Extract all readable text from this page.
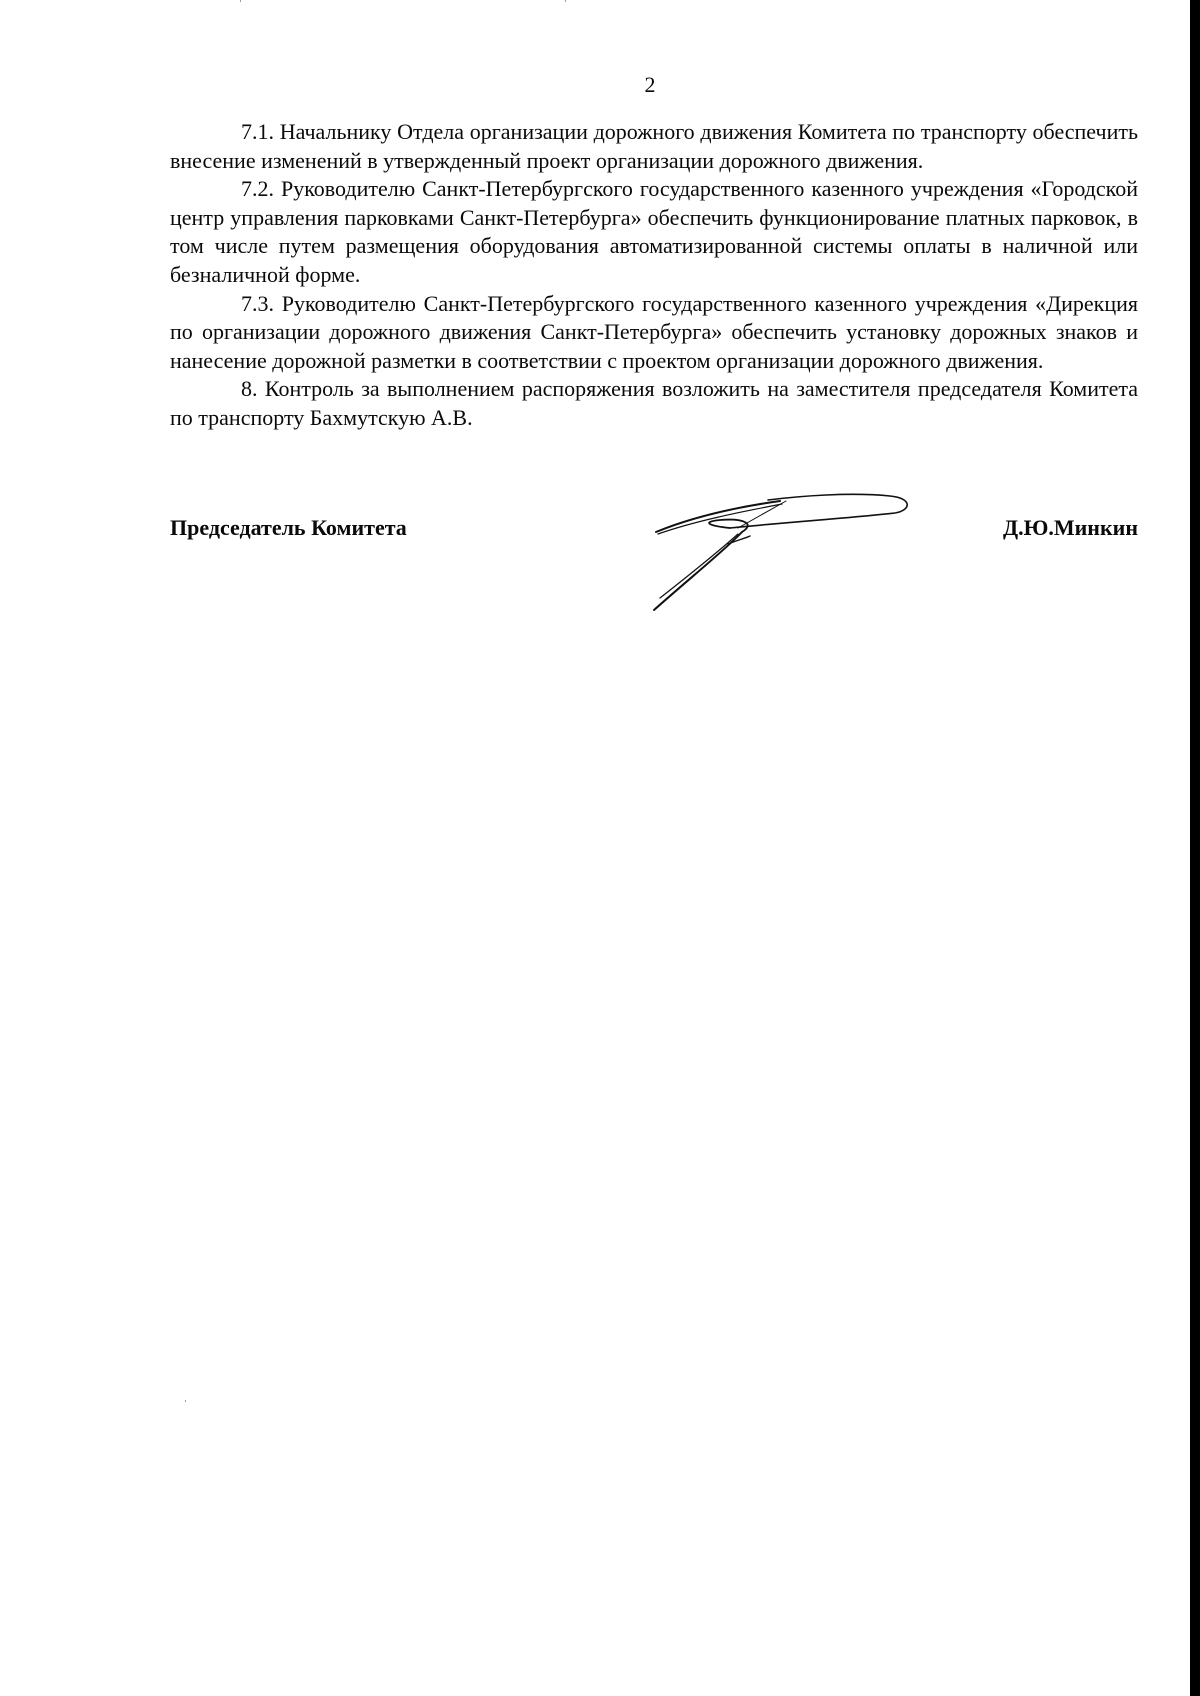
2

7.1. Начальнику Отдела организации дорожного движения Комитета по транспорту обеспечить внесение изменений в утвержденный проект организации дорожного движения.

7.2. Руководителю Санкт-Петербургского государственного казенного учреждения «Городской центр управления парковками Санкт-Петербурга» обеспечить функционирование платных парковок, в том числе путем размещения оборудования автоматизированной системы оплаты в наличной или безналичной форме.

7.3. Руководителю Санкт-Петербургского государственного казенного учреждения «Дирекция по организации дорожного движения Санкт-Петербурга» обеспечить установку дорожных знаков и нанесение дорожной разметки в соответствии с проектом организации дорожного движения.

8. Контроль за выполнением распоряжения возложить на заместителя председателя Комитета по транспорту Бахмутскую А.В.

Председатель Комитета	Д.Ю.Минкин
